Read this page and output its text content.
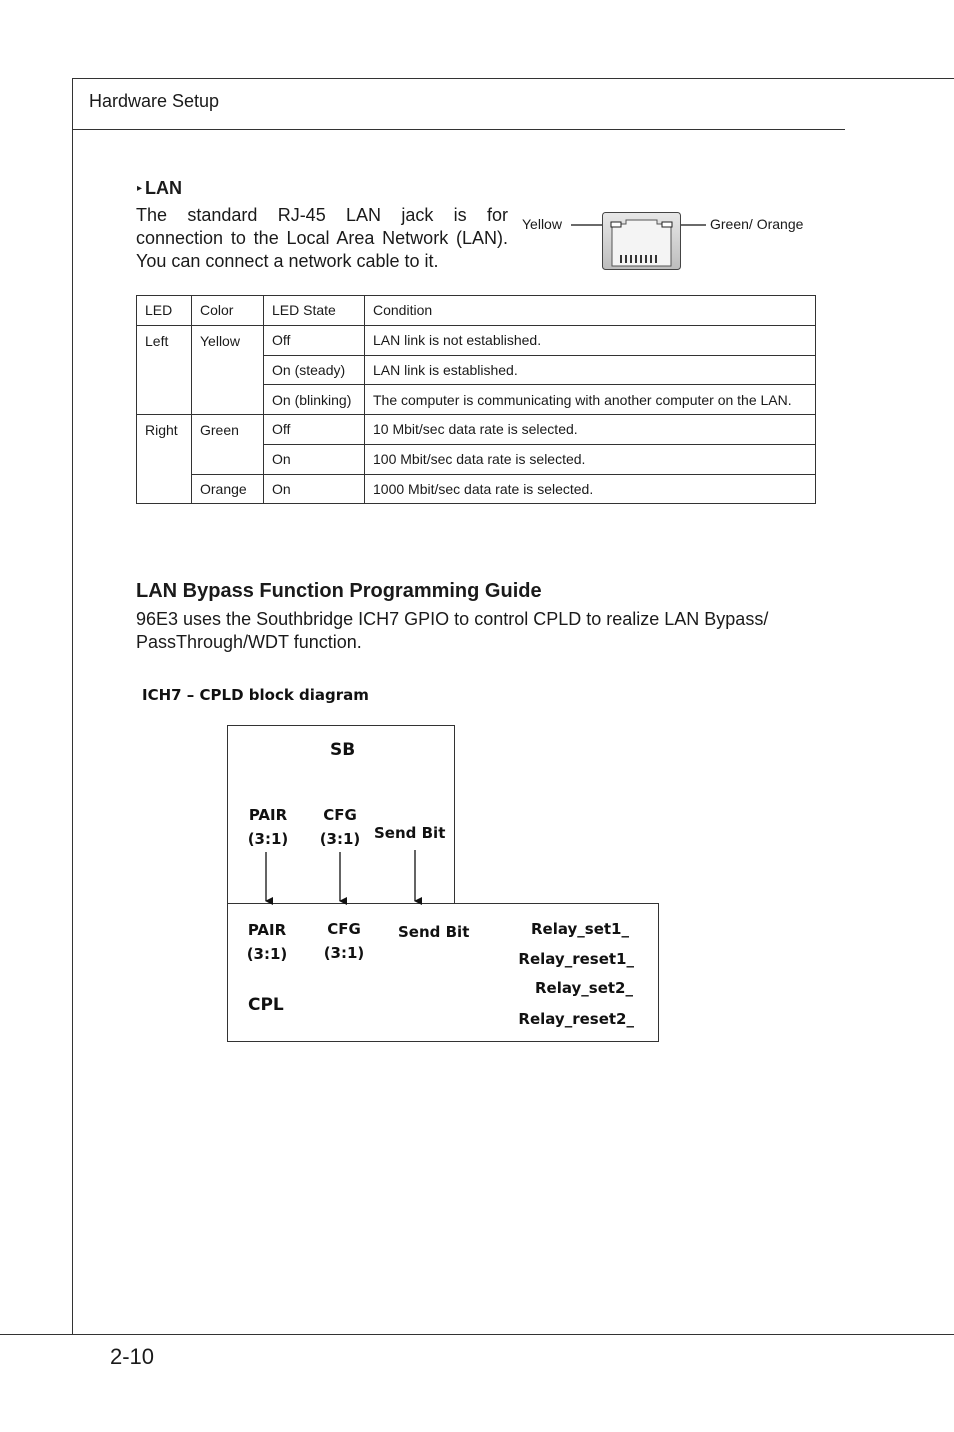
Hardware Setup
▸ LAN
The standard RJ-45 LAN jack is for connection to the Local Area Network (LAN). You can connect a network cable to it.
Yellow	Green/ Orange
LED	Color	LED State	Condition
Left	Yellow	Off	LAN link is not established.
		On (steady)	LAN link is established.
		On (blinking)	The computer is communicating with another computer on the LAN.
Right	Green	Off	10 Mbit/sec data rate is selected.
		On	100 Mbit/sec data rate is selected.
	Orange	On	1000 Mbit/sec data rate is selected.
LAN Bypass Function Programming Guide
96E3 uses the Southbridge ICH7 GPIO to control CPLD to realize LAN Bypass/ PassThrough/WDT function.
ICH7 – CPLD block diagram
SB
PAIR
(3:1)
CFG
(3:1) Send Bit
PAIR
(3:1)
CFG
(3:1)
Send Bit
CPL
Relay_set1_
Relay_reset1_
Relay_set2_
Relay_reset2_
2-10
